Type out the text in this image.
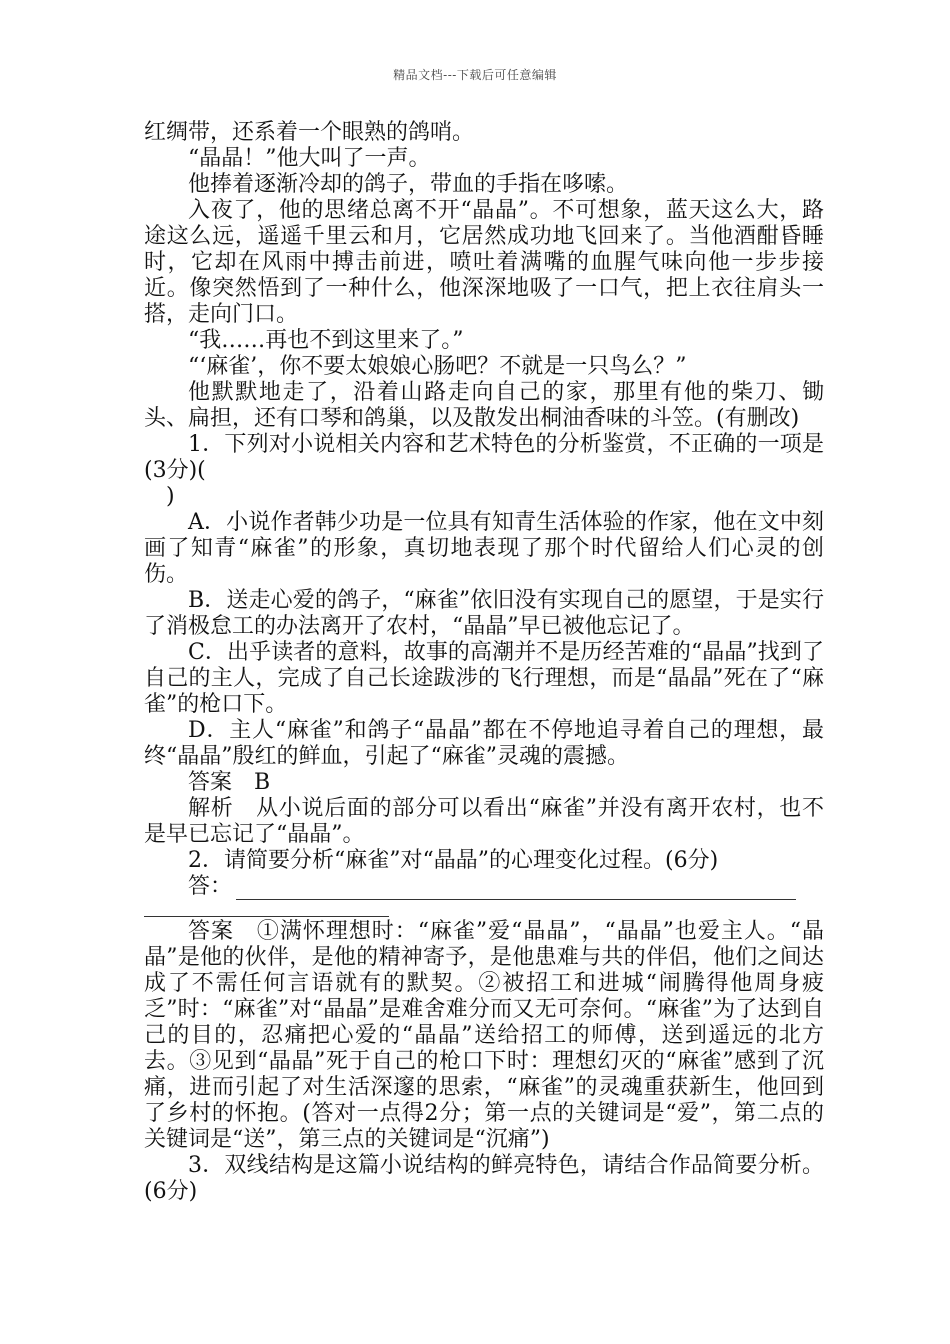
精品文档---下载后可任意编辑

红绸带，还系着一个眼熟的鸽哨。

“晶晶！”他大叫了一声。

他捧着逐渐冷却的鸽子，带血的手指在哆嗦。

入夜了，他的思绪总离不开“晶晶”。不可想象，蓝天这么大，路途这么远，遥遥千里云和月，它居然成功地飞回来了。当他酒酣昏睡时，它却在风雨中搏击前进，喷吐着满嘴的血腥气味向他一步步接近。像突然悟到了一种什么，他深深地吸了一口气，把上衣往肩头一搭，走向门口。

“我……再也不到这里来了。”

“‘麻雀’，你不要太娘娘心肠吧？不就是一只鸟么？”

他默默地走了，沿着山路走向自己的家，那里有他的柴刀、锄头、扁担，还有口琴和鸽巢，以及散发出桐油香味的斗笠。(有删改)

1．下列对小说相关内容和艺术特色的分析鉴赏，不正确的一项是(3分)(

 )

A．小说作者韩少功是一位具有知青生活体验的作家，他在文中刻画了知青“麻雀”的形象，真切地表现了那个时代留给人们心灵的创伤。

B．送走心爱的鸽子，“麻雀”依旧没有实现自己的愿望，于是实行了消极怠工的办法离开了农村，“晶晶”早已被他忘记了。

C．出乎读者的意料，故事的高潮并不是历经苦难的“晶晶”找到了自己的主人，完成了自己长途跋涉的飞行理想，而是“晶晶”死在了“麻雀”的枪口下。

D．主人“麻雀”和鸽子“晶晶”都在不停地追寻着自己的理想，最终“晶晶”殷红的鲜血，引起了“麻雀”灵魂的震撼。

答案　B

解析　从小说后面的部分可以看出“麻雀”并没有离开农村，也不是早已忘记了“晶晶”。

2．请简要分析“麻雀”对“晶晶”的心理变化过程。(6分)

答：

答案　①满怀理想时：“麻雀”爱“晶晶”，“晶晶”也爱主人。“晶晶”是他的伙伴，是他的精神寄予，是他患难与共的伴侣，他们之间达成了不需任何言语就有的默契。②被招工和进城“闹腾得他周身疲乏”时：“麻雀”对“晶晶”是难舍难分而又无可奈何。“麻雀”为了达到自己的目的，忍痛把心爱的“晶晶”送给招工的师傅，送到遥远的北方去。③见到“晶晶”死于自己的枪口下时：理想幻灭的“麻雀”感到了沉痛，进而引起了对生活深邃的思索，“麻雀”的灵魂重获新生，他回到了乡村的怀抱。(答对一点得2分；第一点的关键词是“爱”，第二点的关键词是“送”，第三点的关键词是“沉痛”)

3．双线结构是这篇小说结构的鲜亮特色，请结合作品简要分析。(6分)
